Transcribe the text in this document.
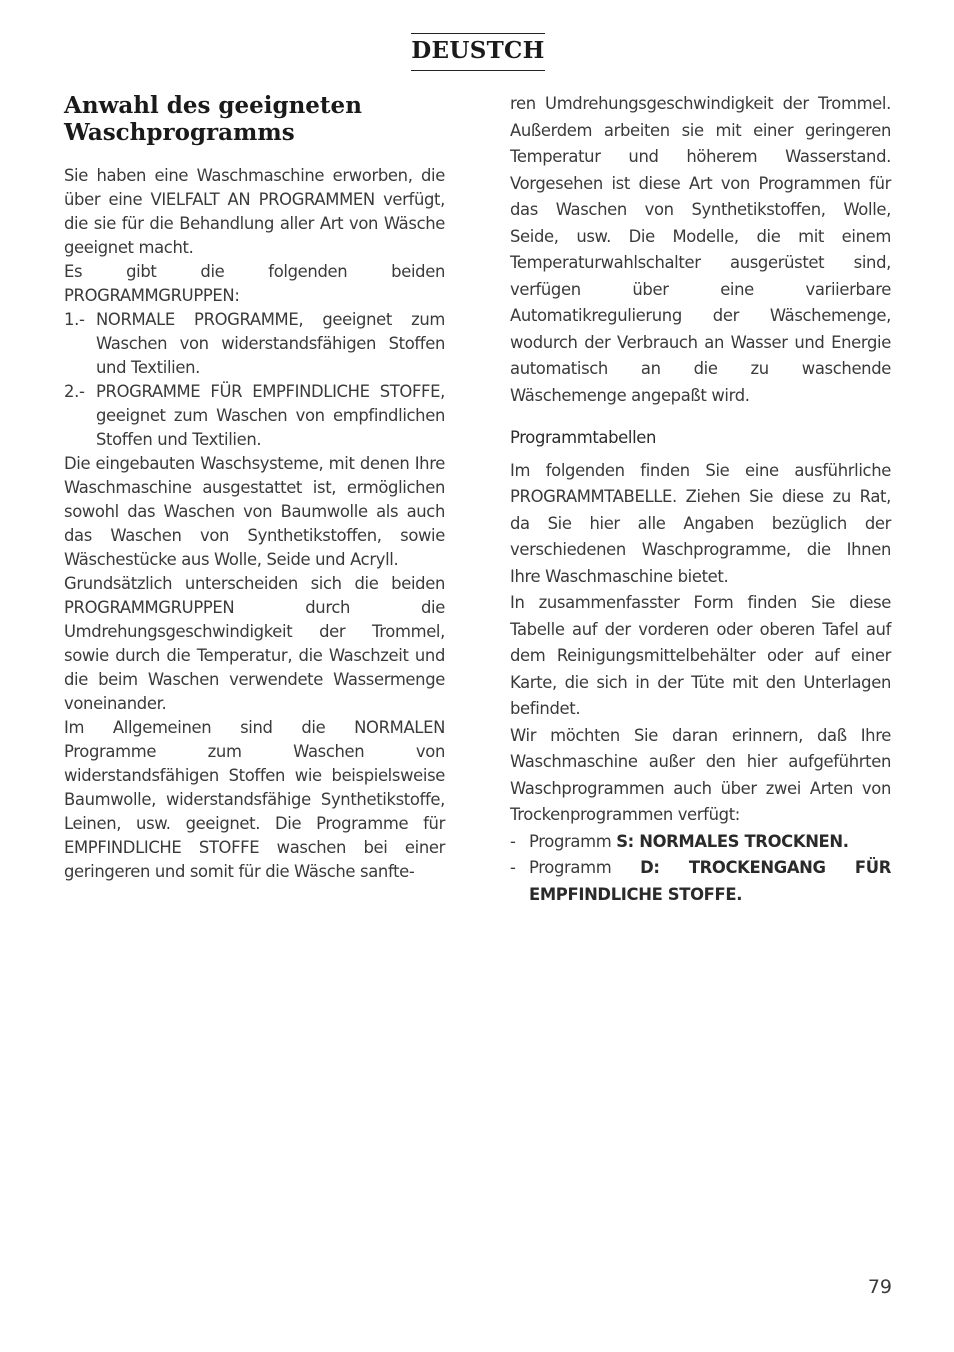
DEUSTCH
Anwahl des geeigneten
Waschprogramms

Sie haben eine Waschmaschine erworben, die über eine VIELFALT AN PROGRAMMEN verfügt, die sie für die Behandlung aller Art von Wäsche geeignet macht.

Es gibt die folgenden beiden PROGRAMMGRUPPEN:

1.- NORMALE PROGRAMME, geeignet zum Waschen von widerstandsfähigen Stoffen und Textilien.
2.- PROGRAMME FÜR EMPFINDLICHE STOFFE, geeignet zum Waschen von empfindlichen Stoffen und Textilien.

Die eingebauten Waschsysteme, mit denen Ihre Waschmaschine ausgestattet ist, ermöglichen sowohl das Waschen von Baumwolle als auch das Waschen von Synthetikstoffen, sowie Wäschestücke aus Wolle, Seide und Acryll.

Grundsätzlich unterscheiden sich die beiden PROGRAMMGRUPPEN durch die Umdrehungsgeschwindigkeit der Trommel, sowie durch die Temperatur, die Waschzeit und die beim Waschen verwendete Wassermenge voneinander.

Im Allgemeinen sind die NORMALEN Programme zum Waschen von widerstandsfähigen Stoffen wie beispielsweise Baumwolle, widerstandsfähige Synthetikstoffe, Leinen, usw. geeignet. Die Programme für EMPFINDLICHE STOFFE waschen bei einer geringeren und somit für die Wäsche sanfte-

ren Umdrehungsgeschwindigkeit der Trommel. Außerdem arbeiten sie mit einer geringeren Temperatur und höherem Wasserstand. Vorgesehen ist diese Art von Programmen für das Waschen von Synthetikstoffen, Wolle, Seide, usw. Die Modelle, die mit einem Temperaturwahlschalter ausgerüstet sind, verfügen über eine variierbare Automatikregulierung der Wäschemenge, wodurch der Verbrauch an Wasser und Energie automatisch an die zu waschende Wäschemenge angepaßt wird.

Programmtabellen

Im folgenden finden Sie eine ausführliche PROGRAMMTABELLE. Ziehen Sie diese zu Rat, da Sie hier alle Angaben bezüglich der verschiedenen Waschprogramme, die Ihnen Ihre Waschmaschine bietet.

In zusammenfasster Form finden Sie diese Tabelle auf der vorderen oder oberen Tafel auf dem Reinigungsmittelbehälter oder auf einer Karte, die sich in der Tüte mit den Unterlagen befindet.

Wir möchten Sie daran erinnern, daß Ihre Waschmaschine außer den hier aufgeführten Waschprogrammen auch über zwei Arten von Trockenprogrammen verfügt:

- Programm S: NORMALES TROCKNEN.
- Programm D: TROCKENGANG FÜR EMPFINDLICHE STOFFE.
79
